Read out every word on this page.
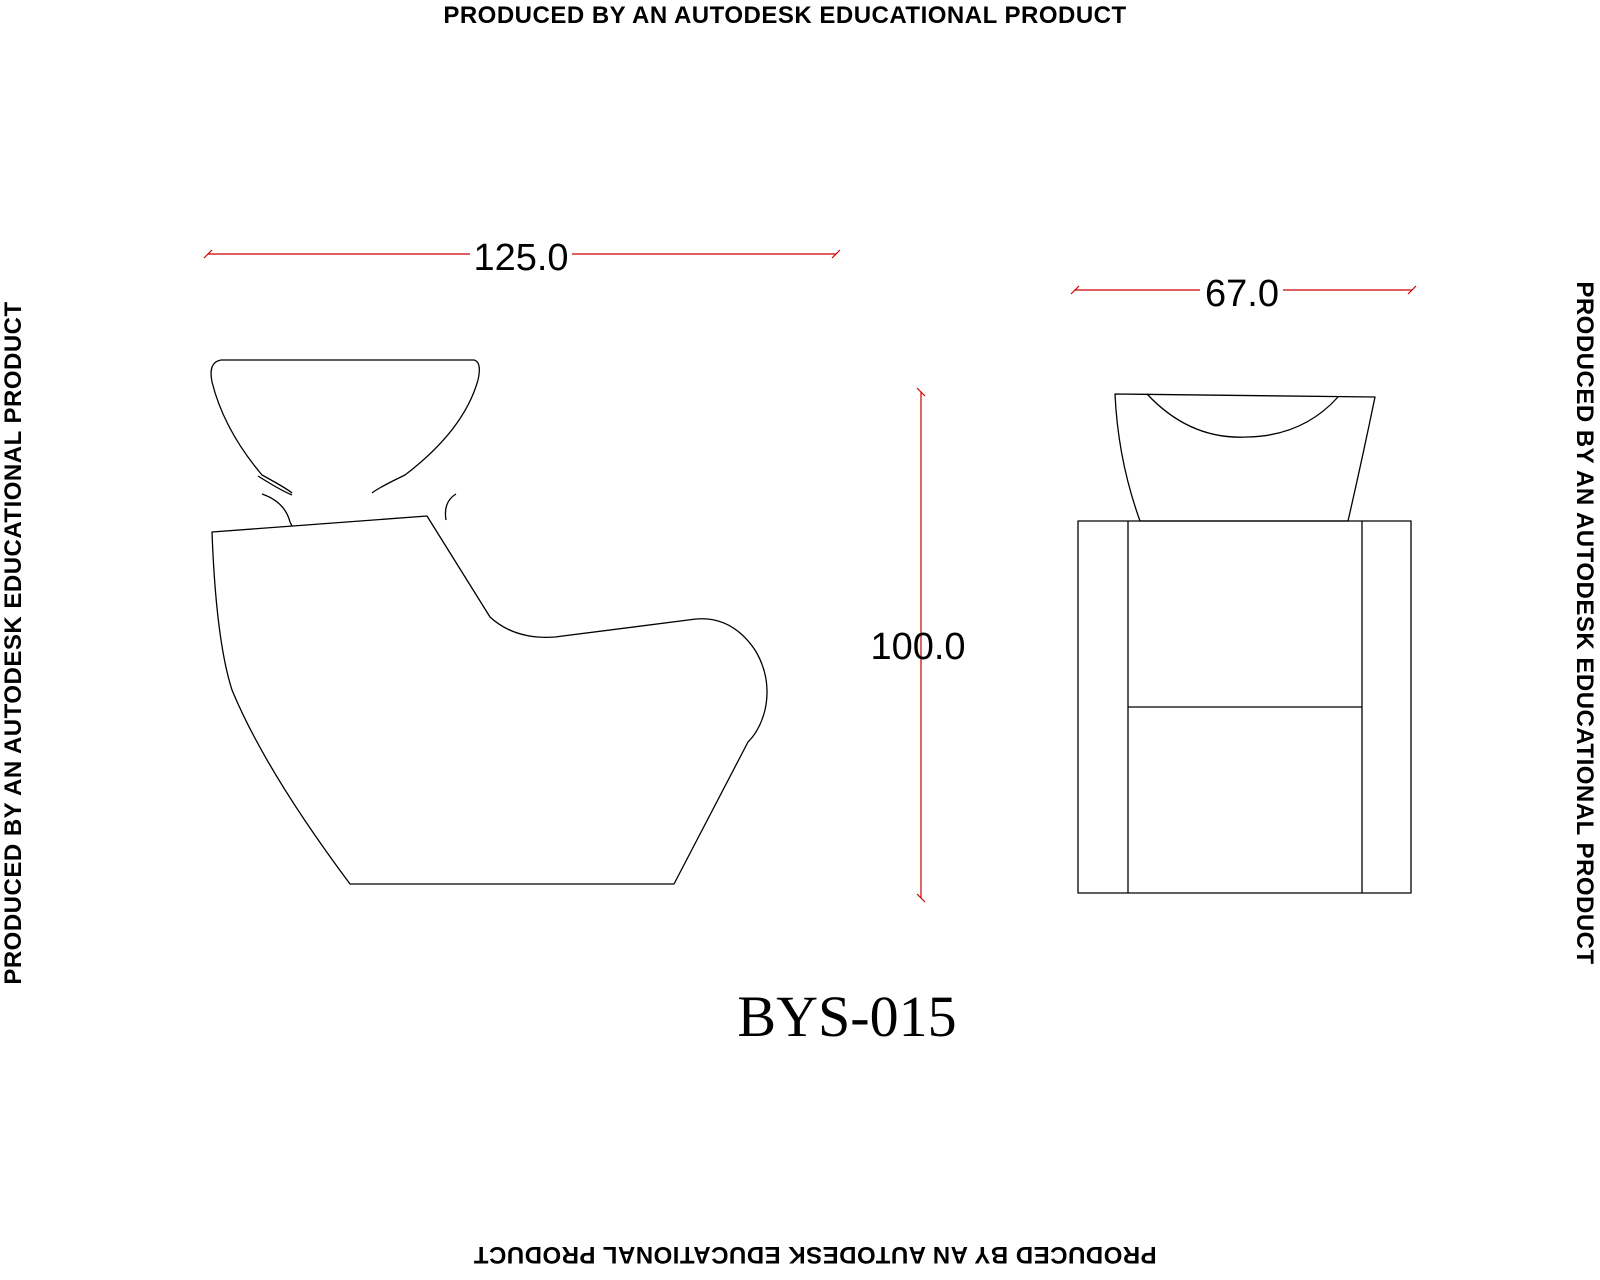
PRODUCED BY AN AUTODESK EDUCATIONAL PRODUCT
PRODUCED BY AN AUTODESK EDUCATIONAL PRODUCT
PRODUCED BY AN AUTODESK EDUCATIONAL PRODUCT	PRODUCED BY AN AUTODESK EDUCATIONAL PRODUCT
125.0
67.0
100.0
BYS-015
